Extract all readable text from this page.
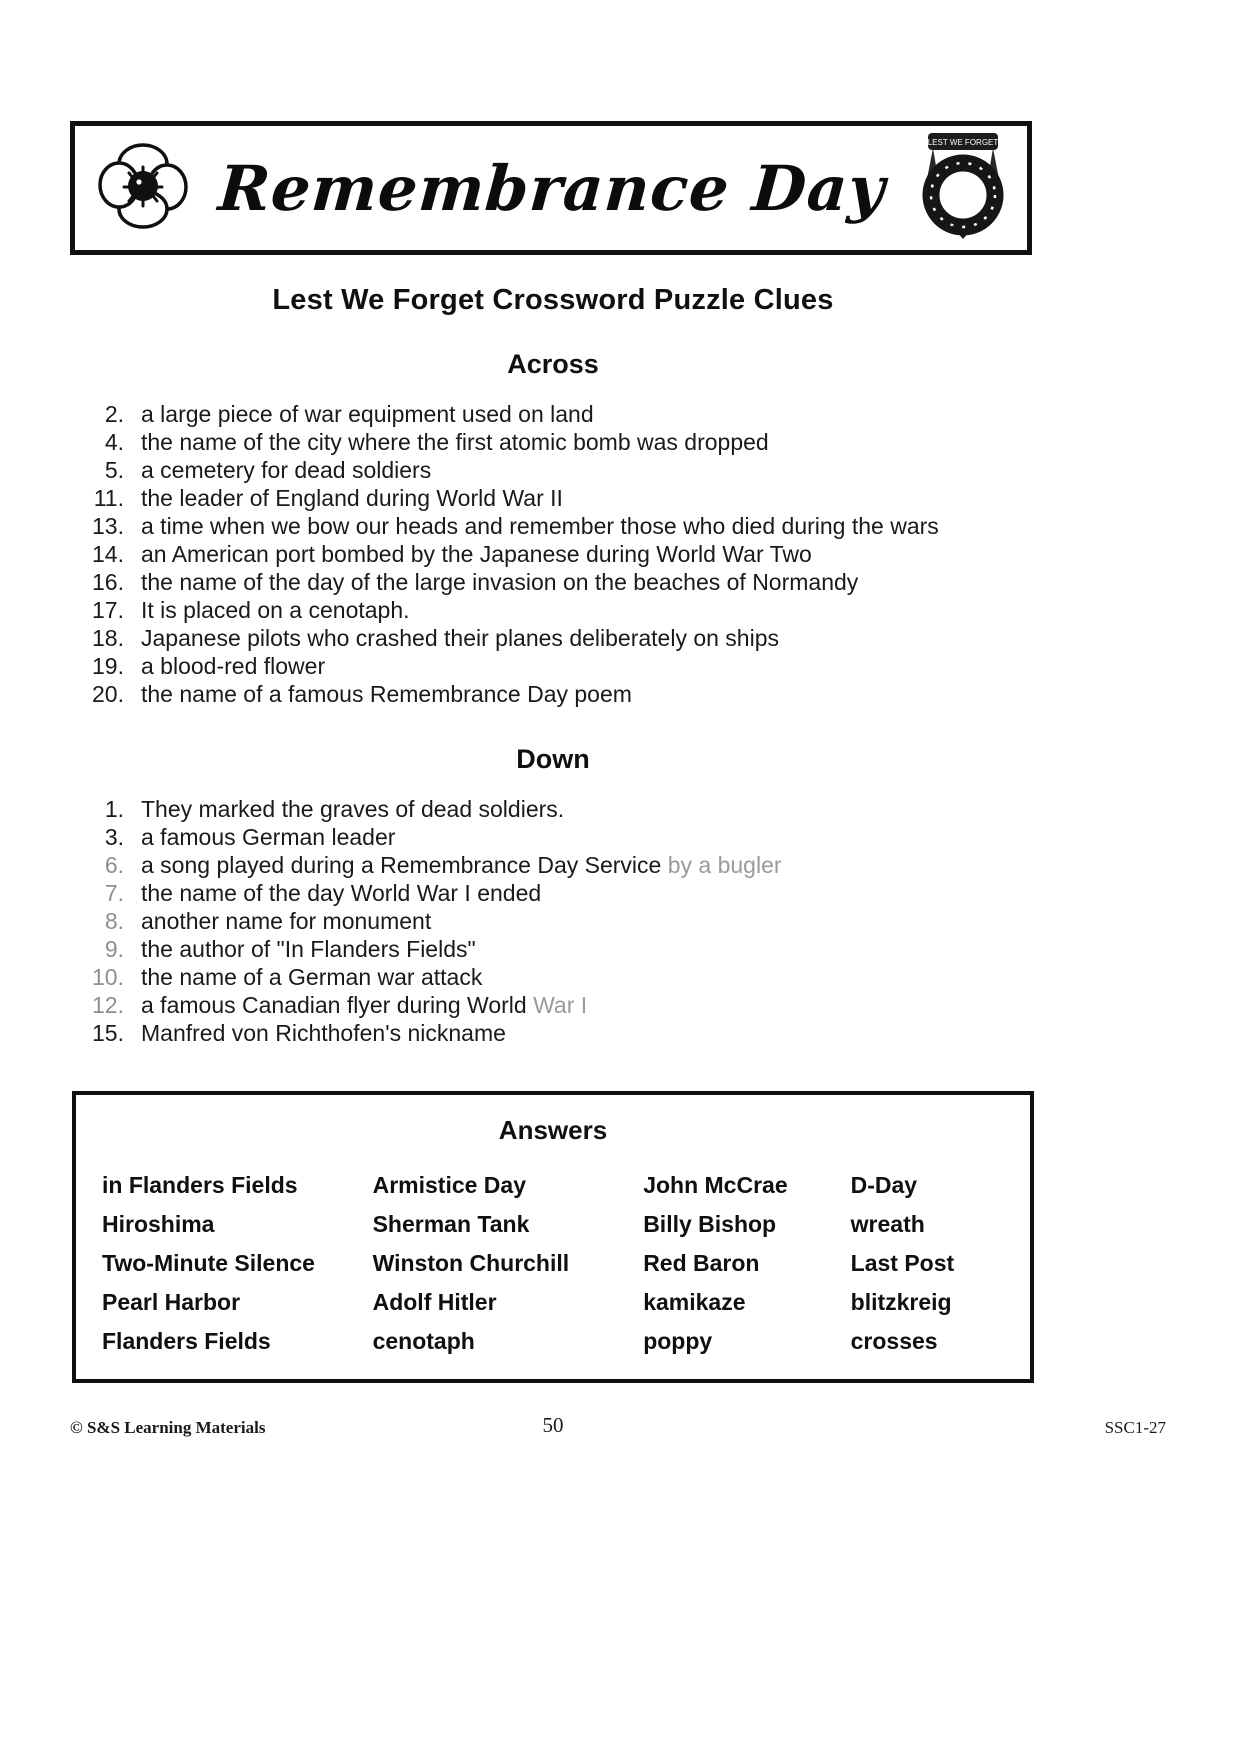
Remembrance Day
LEST WE FORGET
Lest We Forget Crossword Puzzle Clues
Across
2. a large piece of war equipment used on land
4. the name of the city where the first atomic bomb was dropped
5. a cemetery for dead soldiers
11. the leader of England during World War II
13. a time when we bow our heads and remember those who died during the wars
14. an American port bombed by the Japanese during World War Two
16. the name of the day of the large invasion on the beaches of Normandy
17. It is placed on a cenotaph.
18. Japanese pilots who crashed their planes deliberately on ships
19. a blood-red flower
20. the name of a famous Remembrance Day poem
Down
1. They marked the graves of dead soldiers.
3. a famous German leader
6. a song played during a Remembrance Day Service by a bugler
7. the name of the day World War I ended
8. another name for monument
9. the author of "In Flanders Fields"
10. the name of a German war attack
12. a famous Canadian flyer during World War I
15. Manfred von Richthofen's nickname
Answers
in Flanders Fields	Armistice Day	John McCrae	D-Day
Hiroshima	Sherman Tank	Billy Bishop	wreath
Two-Minute Silence	Winston Churchill	Red Baron	Last Post
Pearl Harbor	Adolf Hitler	kamikaze	blitzkreig
Flanders Fields	cenotaph	poppy	crosses
© S&S Learning Materials	50	SSC1-27
